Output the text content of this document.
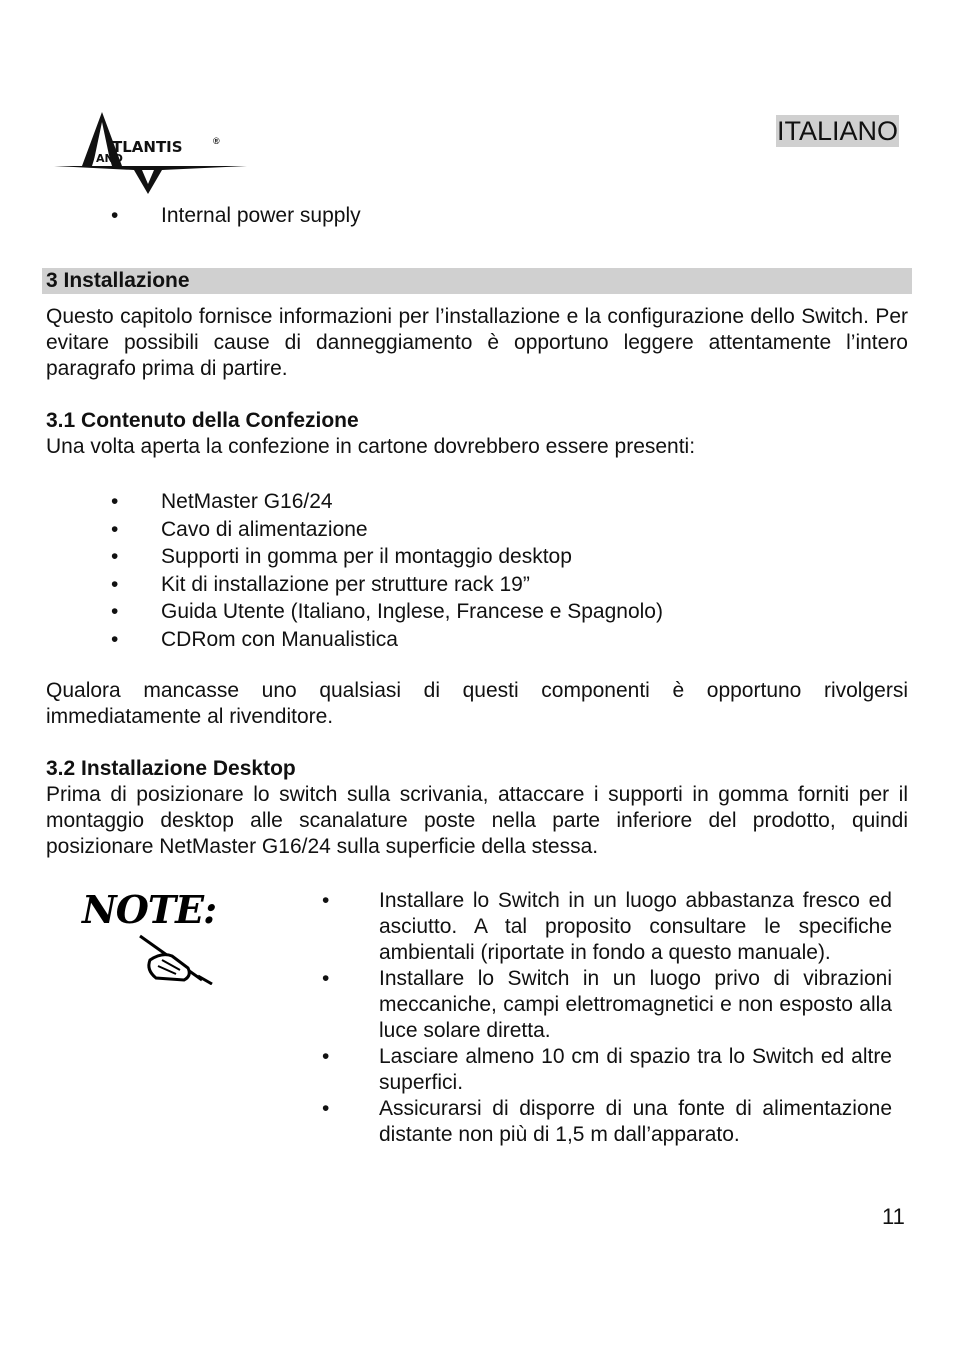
TLANTIS	®
AND
ITALIANO
• Internal power supply
3 Installazione
Questo capitolo fornisce informazioni per l’installazione e la configurazione dello Switch. Per evitare possibili cause di danneggiamento è opportuno leggere attentamente l’intero paragrafo prima di partire.
3.1 Contenuto della Confezione
Una volta aperta la confezione in cartone dovrebbero essere presenti:
• NetMaster G16/24
• Cavo di alimentazione
• Supporti in gomma per il montaggio desktop
• Kit di installazione per strutture rack 19”
• Guida Utente (Italiano, Inglese, Francese e Spagnolo)
• CDRom con Manualistica
Qualora mancasse uno qualsiasi di questi componenti è opportuno rivolgersi immediatamente al rivenditore.
3.2 Installazione Desktop
Prima di posizionare lo switch sulla scrivania, attaccare i supporti in gomma forniti per il montaggio desktop alle scanalature poste nella parte inferiore del prodotto, quindi posizionare NetMaster G16/24 sulla superficie della stessa.
NOTE:	• Installare lo Switch in un luogo abbastanza fresco ed asciutto. A tal proposito consultare le specifiche ambientali (riportate in fondo a questo manuale).
• Installare lo Switch in un luogo privo di vibrazioni meccaniche, campi elettromagnetici e non esposto alla luce solare diretta.
• Lasciare almeno 10 cm di spazio tra lo Switch ed altre superfici.
• Assicurarsi di disporre di una fonte di alimentazione distante non più di 1,5 m dall’apparato.
11
